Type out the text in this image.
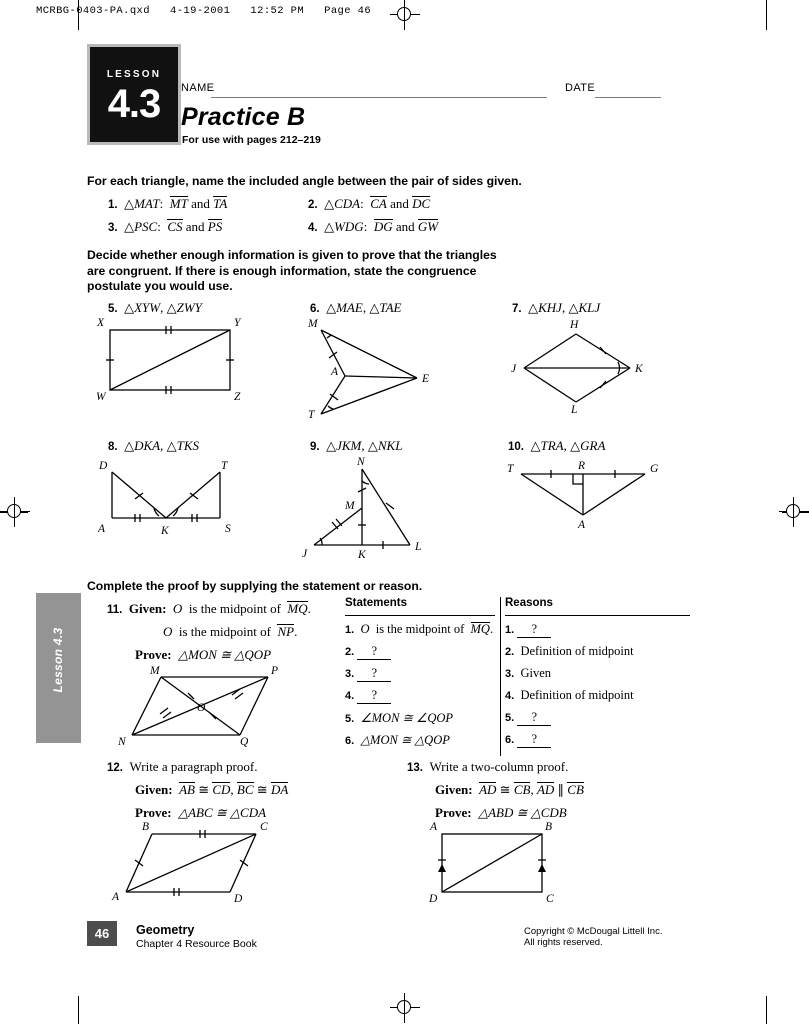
MCRBG-0403-PA.qxd   4-19-2001   12:52 PM   Page 46
LESSON
4.3	NAME	DATE
Practice B
For use with pages 212–219
Lesson 4.3
For each triangle, name the included angle between the pair of sides given.
1.  △MAT:  MT and TA	2.  △CDA:  CA and DC
3.  △PSC:  CS and PS	4.  △WDG:  DG and GW
Decide whether enough information is given to prove that the triangles are congruent. If there is enough information, state the congruence postulate you would use.
5.  △XYW, △ZWY	6.  △MAE, △TAE	7.  △KHJ, △KLJ
X	Y
W	Z
M
A
E
T
H
J	K
L
8.  △DKA, △TKS	9.  △JKM, △NKL	10.  △TRA, △GRA
D	T
A	K	S
N
M
J	K
L
T	R	G
A
Complete the proof by supplying the statement or reason.
11. Given: O is the midpoint of MQ.
O is the midpoint of NP.
Prove:  △MON ≅ △QOP
M	P
O
N	Q
Statements	Reasons
1. O is the midpoint of MQ. 1. ?
2. ?	2. Definition of midpoint
3. ?	3. Given
4. ?	4. Definition of midpoint
5. ∠MON ≅ ∠QOP	5. ?
6. △MON ≅ △QOP	6. ?
12. Write a paragraph proof.
Given: AB ≅ CD, BC ≅ DA
Prove: △ABC ≅ △CDA
B	C
A	D
13. Write a two-column proof.
Given: AD ≅ CB, AD ∥ CB
Prove: △ABD ≅ △CDB
A	B
D	C
46	Geometry
Chapter 4 Resource Book
Copyright © McDougal Littell Inc.
All rights reserved.
